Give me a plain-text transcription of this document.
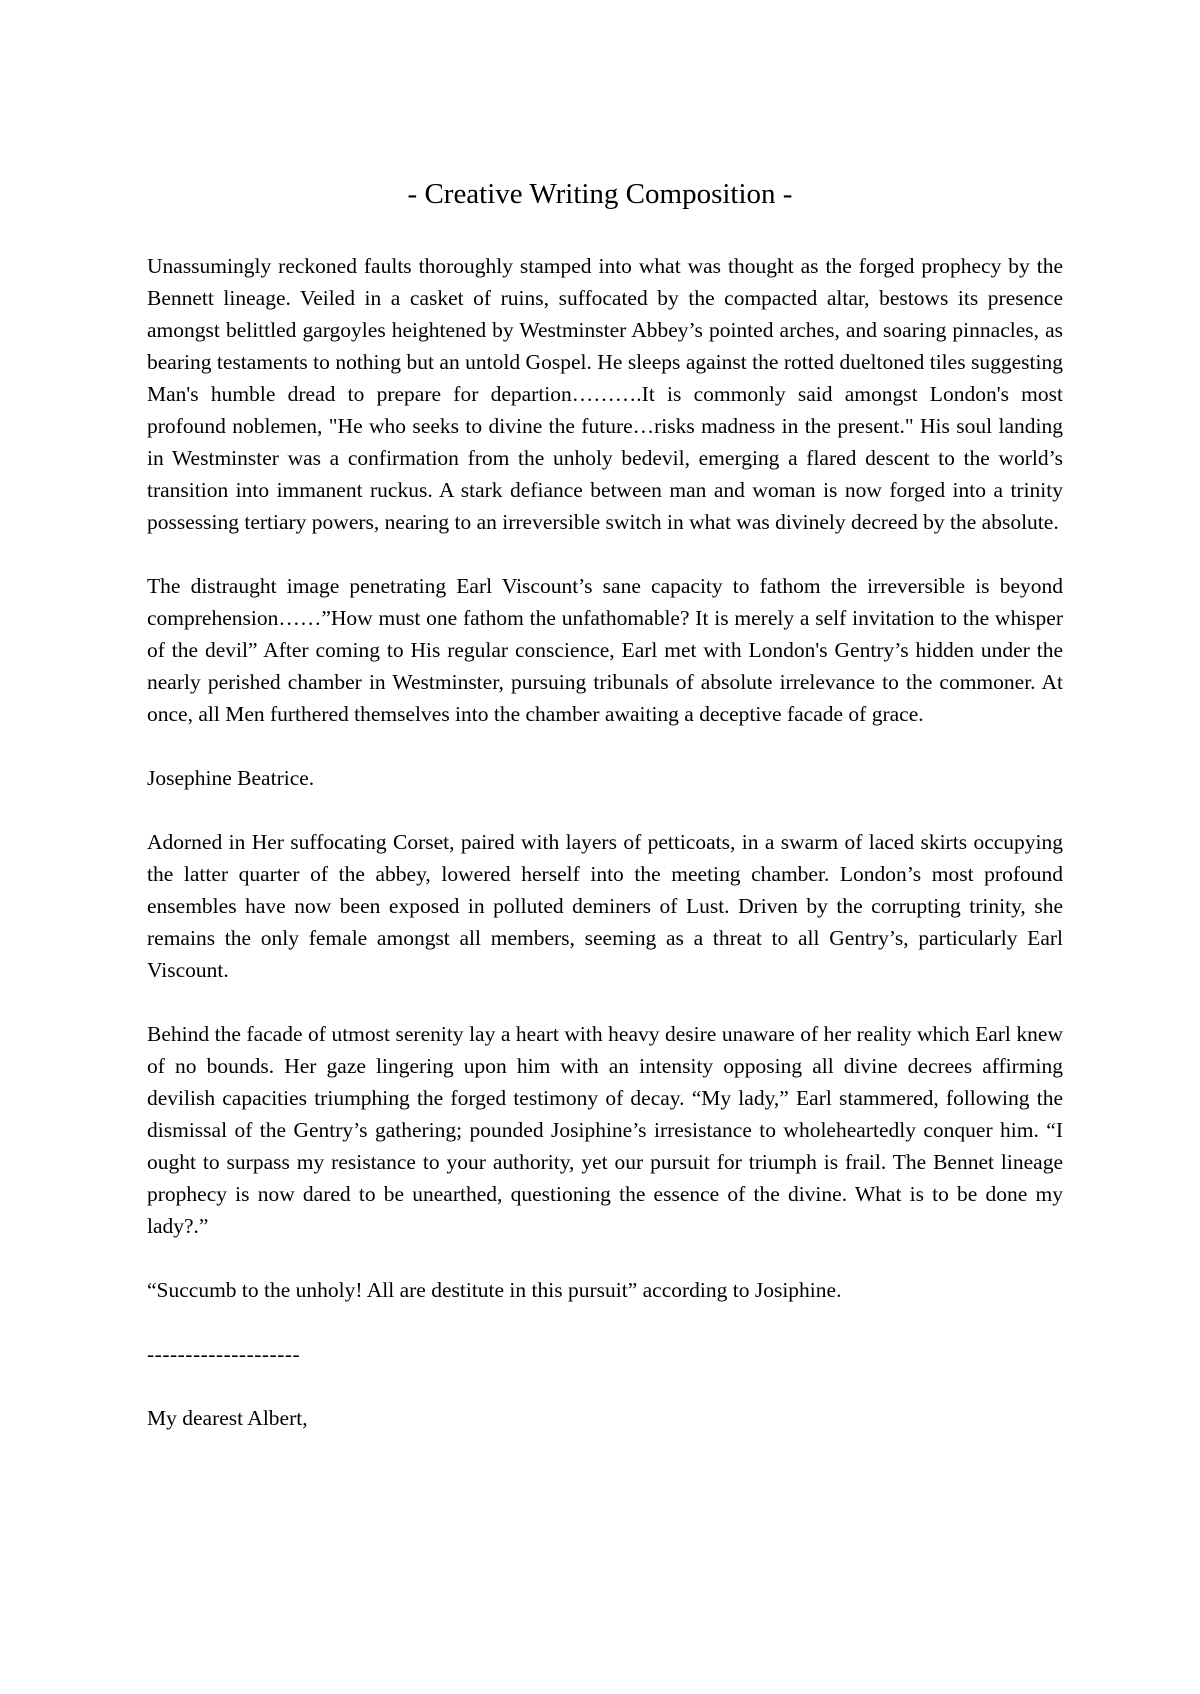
- Creative Writing Composition -

Unassumingly reckoned faults thoroughly stamped into what was thought as the forged prophecy by the Bennett lineage. Veiled in a casket of ruins, suffocated by the compacted altar, bestows its presence amongst belittled gargoyles heightened by Westminster Abbey’s pointed arches, and soaring pinnacles, as bearing testaments to nothing but an untold Gospel. He sleeps against the rotted dueltoned tiles suggesting Man's humble dread to prepare for departion……….It is commonly said amongst London's most profound noblemen, "He who seeks to divine the future…risks madness in the present." His soul landing in Westminster was a confirmation from the unholy bedevil, emerging a flared descent to the world’s transition into immanent ruckus. A stark defiance between man and woman is now forged into a trinity possessing tertiary powers, nearing to an irreversible switch in what was divinely decreed by the absolute.

The distraught image penetrating Earl Viscount’s sane capacity to fathom the irreversible is beyond comprehension……”How must one fathom the unfathomable? It is merely a self invitation to the whisper of the devil” After coming to His regular conscience, Earl met with London's Gentry’s hidden under the nearly perished chamber in Westminster, pursuing tribunals of absolute irrelevance to the commoner. At once, all Men furthered themselves into the chamber awaiting a deceptive facade of grace.

Josephine Beatrice.

Adorned in Her suffocating Corset, paired with layers of petticoats, in a swarm of laced skirts occupying the latter quarter of the abbey, lowered herself into the meeting chamber. London’s most profound ensembles have now been exposed in polluted deminers of Lust. Driven by the corrupting trinity, she remains the only female amongst all members, seeming as a threat to all Gentry’s, particularly Earl Viscount.

Behind the facade of utmost serenity lay a heart with heavy desire unaware of her reality which Earl knew of no bounds. Her gaze lingering upon him with an intensity opposing all divine decrees affirming devilish capacities triumphing the forged testimony of decay. “My lady,” Earl stammered, following the dismissal of the Gentry’s gathering; pounded Josiphine’s irresistance to wholeheartedly conquer him. “I ought to surpass my resistance to your authority, yet our pursuit for triumph is frail. The Bennet lineage prophecy is now dared to be unearthed, questioning the essence of the divine. What is to be done my lady?.”

“Succumb to the unholy! All are destitute in this pursuit” according to Josiphine.

--------------------

My dearest Albert,
